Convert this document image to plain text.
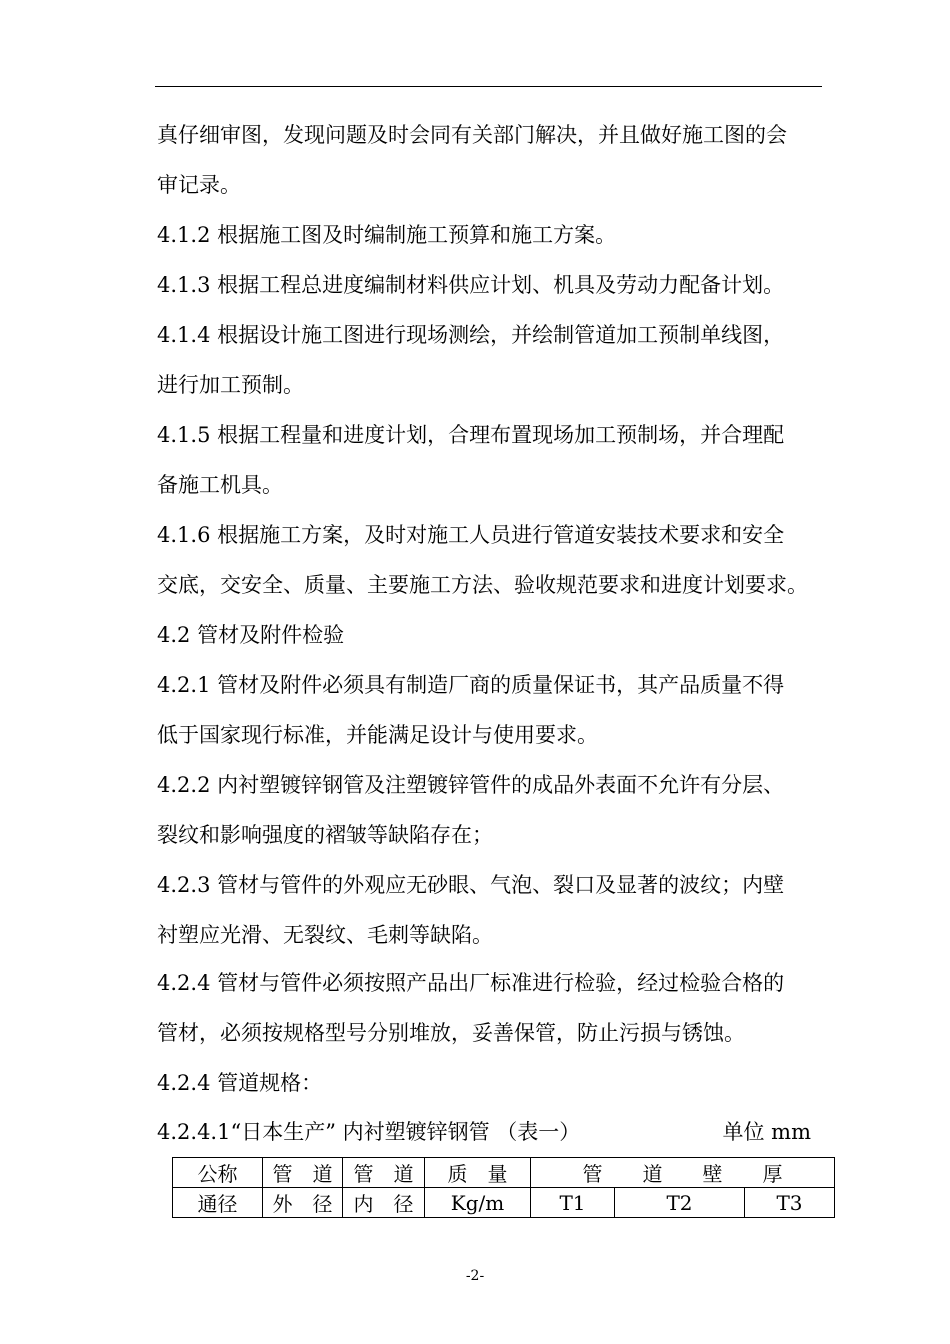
真仔细审图，发现问题及时会同有关部门解决，并且做好施工图的会
审记录。
4.1.2 根据施工图及时编制施工预算和施工方案。
4.1.3 根据工程总进度编制材料供应计划、机具及劳动力配备计划。
4.1.4 根据设计施工图进行现场测绘，并绘制管道加工预制单线图，
进行加工预制。
4.1.5 根据工程量和进度计划，合理布置现场加工预制场，并合理配
备施工机具。
4.1.6 根据施工方案，及时对施工人员进行管道安装技术要求和安全
交底，交安全、质量、主要施工方法、验收规范要求和进度计划要求。
4.2 管材及附件检验
4.2.1 管材及附件必须具有制造厂商的质量保证书，其产品质量不得
低于国家现行标准，并能满足设计与使用要求。
4.2.2 内衬塑镀锌钢管及注塑镀锌管件的成品外表面不允许有分层、
裂纹和影响强度的褶皱等缺陷存在；
4.2.3 管材与管件的外观应无砂眼、气泡、裂口及显著的波纹；内壁
衬塑应光滑、无裂纹、毛刺等缺陷。
4.2.4 管材与管件必须按照产品出厂标准进行检验，经过检验合格的
管材，必须按规格型号分别堆放，妥善保管，防止污损与锈蚀。
4.2.4 管道规格：
4.2.4.1“日本生产” 内衬塑镀锌钢管 （表一）	单位 mm
公称	管　道	管　道	质　量	管　　道　　壁　　厚		
通径	外　径	内　径	Kg/m	T1	T2	T3
-2-
